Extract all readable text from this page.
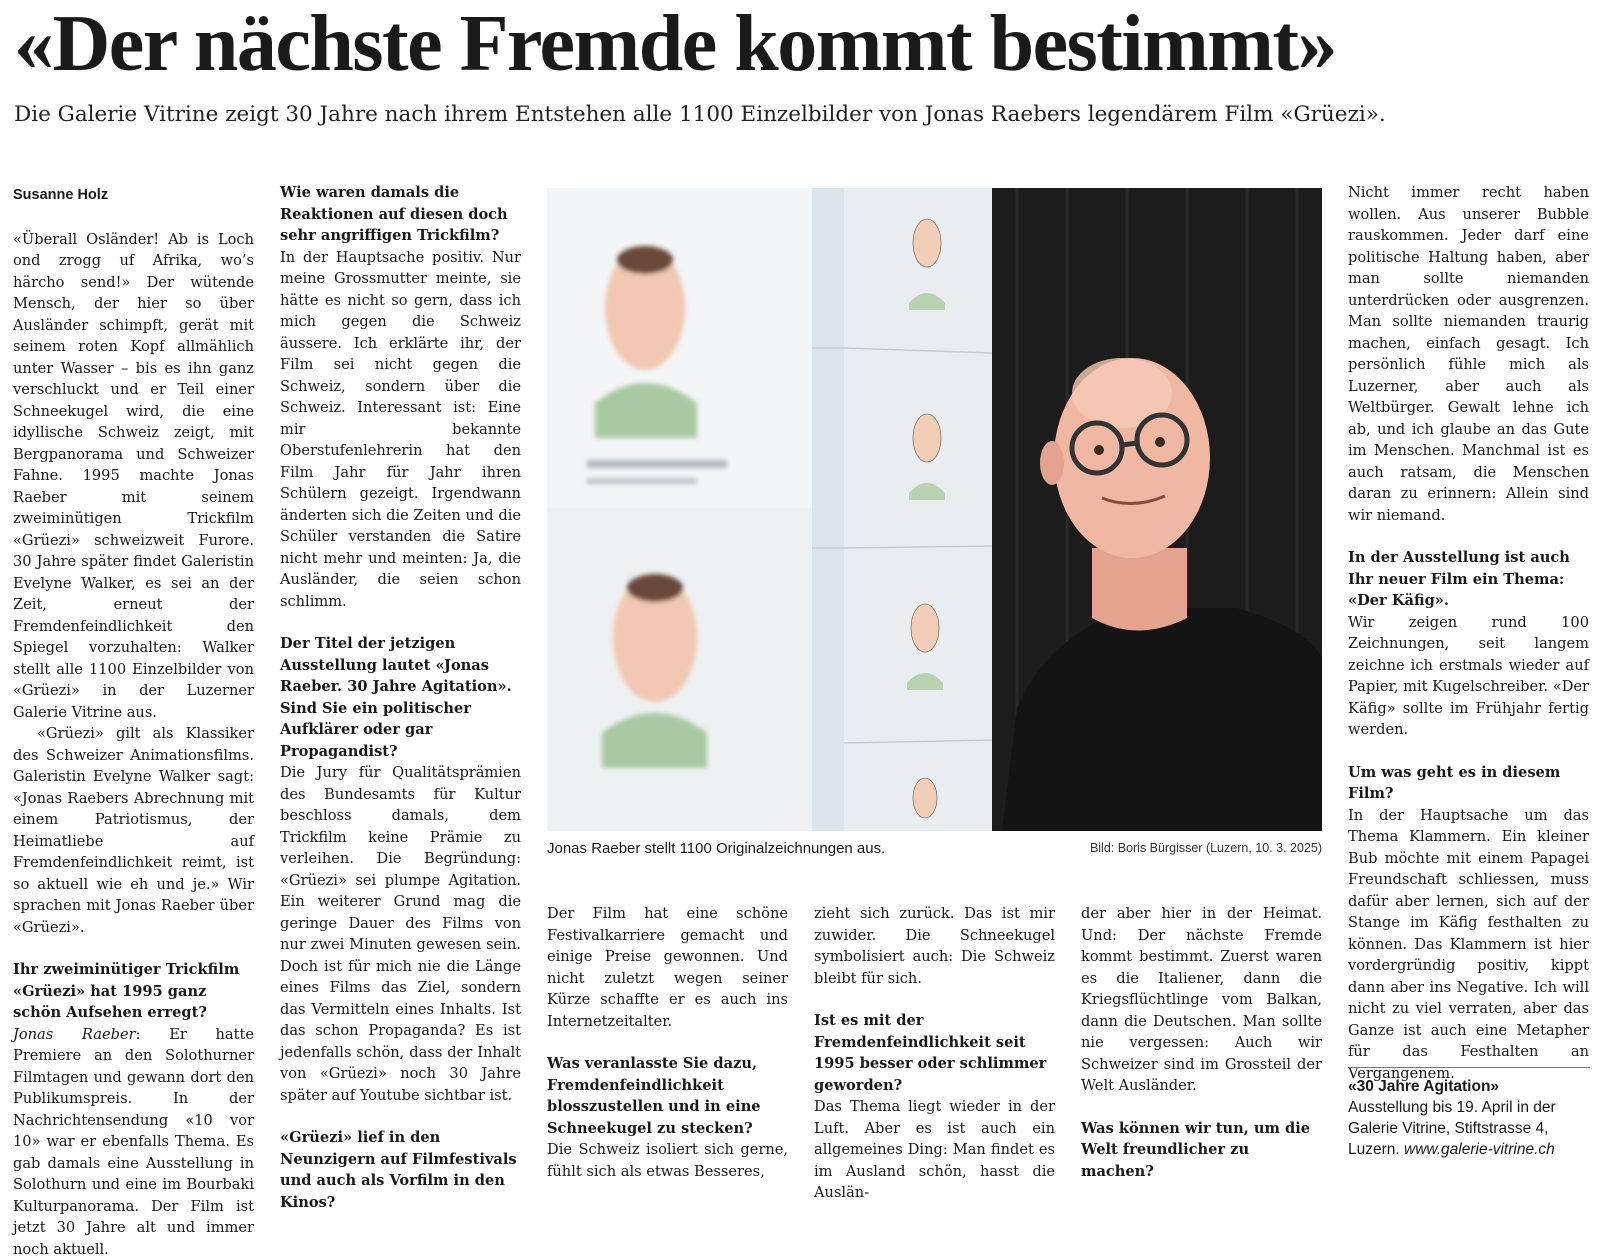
«Der nächste Fremde kommt bestimmt»
Die Galerie Vitrine zeigt 30 Jahre nach ihrem Entstehen alle 1100 Einzelbilder von Jonas Raebers legendärem Film «Grüezi».

Susanne Holz

«Überall Osländer! Ab is Loch ond zrogg uf Afrika, wo’s härcho send!» Der wütende Mensch, der hier so über Ausländer schimpft, gerät mit seinem roten Kopf allmählich unter Wasser – bis es ihn ganz verschluckt und er Teil einer Schneekugel wird, die eine idyllische Schweiz zeigt, mit Bergpanorama und Schweizer Fahne. 1995 machte Jonas Raeber mit seinem zweiminütigen Trickfilm «Grüezi» schweizweit Furore. 30 Jahre später findet Galeristin Evelyne Walker, es sei an der Zeit, erneut der Fremdenfeindlichkeit den Spiegel vorzuhalten: Walker stellt alle 1100 Einzelbilder von «Grüezi» in der Luzerner Galerie Vitrine aus.

«Grüezi» gilt als Klassiker des Schweizer Animationsfilms. Galeristin Evelyne Walker sagt: «Jonas Raebers Abrechnung mit einem Patriotismus, der Heimatliebe auf Fremdenfeindlichkeit reimt, ist so aktuell wie eh und je.» Wir sprachen mit Jonas Raeber über «Grüezi».

Ihr zweiminütiger Trickfilm «Grüezi» hat 1995 ganz schön Aufsehen erregt?

Jonas Raeber: Er hatte Premiere an den Solothurner Filmtagen und gewann dort den Publikumspreis. In der Nachrichtensendung «10 vor 10» war er ebenfalls Thema. Es gab damals eine Ausstellung in Solothurn und eine im Bourbaki Kulturpanorama. Der Film ist jetzt 30 Jahre alt und immer noch aktuell.

Wie waren damals die Reaktionen auf diesen doch sehr angriffigen Trickfilm?

In der Hauptsache positiv. Nur meine Grossmutter meinte, sie hätte es nicht so gern, dass ich mich gegen die Schweiz äussere. Ich erklärte ihr, der Film sei nicht gegen die Schweiz, sondern über die Schweiz. Interessant ist: Eine mir bekannte Oberstufenlehrerin hat den Film Jahr für Jahr ihren Schülern gezeigt. Irgendwann änderten sich die Zeiten und die Schüler verstanden die Satire nicht mehr und meinten: Ja, die Ausländer, die seien schon schlimm.

Der Titel der jetzigen Ausstellung lautet «Jonas Raeber. 30 Jahre Agitation». Sind Sie ein politischer Aufklärer oder gar Propagandist?

Die Jury für Qualitätsprämien des Bundesamts für Kultur beschloss damals, dem Trickfilm keine Prämie zu verleihen. Die Begründung: «Grüezi» sei plumpe Agitation. Ein weiterer Grund mag die geringe Dauer des Films von nur zwei Minuten gewesen sein. Doch ist für mich nie die Länge eines Films das Ziel, sondern das Vermitteln eines Inhalts. Ist das schon Propaganda? Es ist jedenfalls schön, dass der Inhalt von «Grüezi» noch 30 Jahre später auf Youtube sichtbar ist.

«Grüezi» lief in den Neunzigern auf Filmfestivals und auch als Vorfilm in den Kinos?

Jonas Raeber stellt 1100 Originalzeichnungen aus.	Bild: Boris Bürgisser (Luzern, 10. 3. 2025)

Der Film hat eine schöne Festivalkarriere gemacht und einige Preise gewonnen. Und nicht zuletzt wegen seiner Kürze schaffte er es auch ins Internetzeitalter.

Was veranlasste Sie dazu, Fremdenfeindlichkeit blosszustellen und in eine Schneekugel zu stecken?

Die Schweiz isoliert sich gerne, fühlt sich als etwas Besseres,

zieht sich zurück. Das ist mir zuwider. Die Schneekugel symbolisiert auch: Die Schweiz bleibt für sich.

Ist es mit der Fremdenfeindlichkeit seit 1995 besser oder schlimmer geworden?

Das Thema liegt wieder in der Luft. Aber es ist auch ein allgemeines Ding: Man findet es im Ausland schön, hasst die Auslän-

der aber hier in der Heimat. Und: Der nächste Fremde kommt bestimmt. Zuerst waren es die Italiener, dann die Kriegsflüchtlinge vom Balkan, dann die Deutschen. Man sollte nie vergessen: Auch wir Schweizer sind im Grossteil der Welt Ausländer.

Was können wir tun, um die Welt freundlicher zu machen?

Nicht immer recht haben wollen. Aus unserer Bubble rauskommen. Jeder darf eine politische Haltung haben, aber man sollte niemanden unterdrücken oder ausgrenzen. Man sollte niemanden traurig machen, einfach gesagt. Ich persönlich fühle mich als Luzerner, aber auch als Weltbürger. Gewalt lehne ich ab, und ich glaube an das Gute im Menschen. Manchmal ist es auch ratsam, die Menschen daran zu erinnern: Allein sind wir niemand.

In der Ausstellung ist auch Ihr neuer Film ein Thema: «Der Käfig».

Wir zeigen rund 100 Zeichnungen, seit langem zeichne ich erstmals wieder auf Papier, mit Kugelschreiber. «Der Käfig» sollte im Frühjahr fertig werden.

Um was geht es in diesem Film?

In der Hauptsache um das Thema Klammern. Ein kleiner Bub möchte mit einem Papagei Freundschaft schliessen, muss dafür aber lernen, sich auf der Stange im Käfig festhalten zu können. Das Klammern ist hier vordergründig positiv, kippt dann aber ins Negative. Ich will nicht zu viel verraten, aber das Ganze ist auch eine Metapher für das Festhalten an Vergangenem.

«30 Jahre Agitation»
Ausstellung bis 19. April in der Galerie Vitrine, Stiftstrasse 4, Luzern. www.galerie-vitrine.ch
